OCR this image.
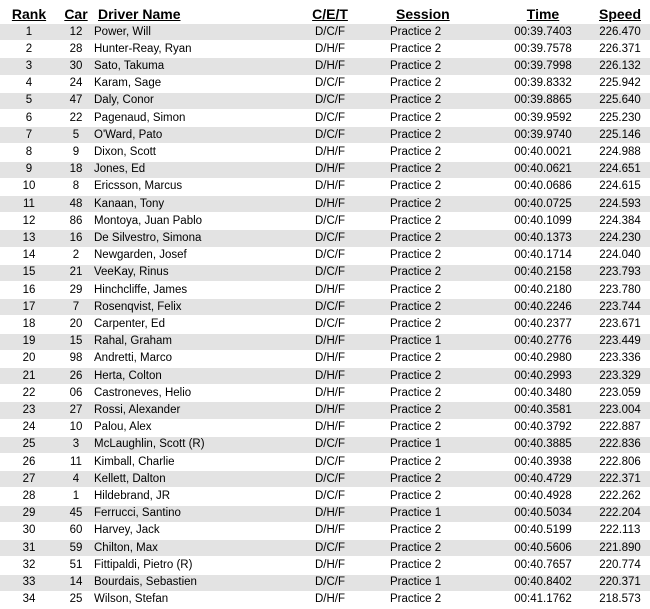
Rank	Car	Driver Name	C/E/T	Session	Time	Speed
1	12	Power, Will	D/C/F	Practice 2	00:39.7403	226.470
2	28	Hunter-Reay, Ryan	D/H/F	Practice 2	00:39.7578	226.371
3	30	Sato, Takuma	D/H/F	Practice 2	00:39.7998	226.132
4	24	Karam, Sage	D/C/F	Practice 2	00:39.8332	225.942
5	47	Daly, Conor	D/C/F	Practice 2	00:39.8865	225.640
6	22	Pagenaud, Simon	D/C/F	Practice 2	00:39.9592	225.230
7	5	O'Ward, Pato	D/C/F	Practice 2	00:39.9740	225.146
8	9	Dixon, Scott	D/H/F	Practice 2	00:40.0021	224.988
9	18	Jones, Ed	D/H/F	Practice 2	00:40.0621	224.651
10	8	Ericsson, Marcus	D/H/F	Practice 2	00:40.0686	224.615
11	48	Kanaan, Tony	D/H/F	Practice 2	00:40.0725	224.593
12	86	Montoya, Juan Pablo	D/C/F	Practice 2	00:40.1099	224.384
13	16	De Silvestro, Simona	D/C/F	Practice 2	00:40.1373	224.230
14	2	Newgarden, Josef	D/C/F	Practice 2	00:40.1714	224.040
15	21	VeeKay, Rinus	D/C/F	Practice 2	00:40.2158	223.793
16	29	Hinchcliffe, James	D/H/F	Practice 2	00:40.2180	223.780
17	7	Rosenqvist, Felix	D/C/F	Practice 2	00:40.2246	223.744
18	20	Carpenter, Ed	D/C/F	Practice 2	00:40.2377	223.671
19	15	Rahal, Graham	D/H/F	Practice 1	00:40.2776	223.449
20	98	Andretti, Marco	D/H/F	Practice 2	00:40.2980	223.336
21	26	Herta, Colton	D/H/F	Practice 2	00:40.2993	223.329
22	06	Castroneves, Helio	D/H/F	Practice 2	00:40.3480	223.059
23	27	Rossi, Alexander	D/H/F	Practice 2	00:40.3581	223.004
24	10	Palou, Alex	D/H/F	Practice 2	00:40.3792	222.887
25	3	McLaughlin, Scott (R)	D/C/F	Practice 1	00:40.3885	222.836
26	11	Kimball, Charlie	D/C/F	Practice 2	00:40.3938	222.806
27	4	Kellett, Dalton	D/C/F	Practice 2	00:40.4729	222.371
28	1	Hildebrand, JR	D/C/F	Practice 2	00:40.4928	222.262
29	45	Ferrucci, Santino	D/H/F	Practice 1	00:40.5034	222.204
30	60	Harvey, Jack	D/H/F	Practice 2	00:40.5199	222.113
31	59	Chilton, Max	D/C/F	Practice 2	00:40.5606	221.890
32	51	Fittipaldi, Pietro (R)	D/H/F	Practice 2	00:40.7657	220.774
33	14	Bourdais, Sebastien	D/C/F	Practice 1	00:40.8402	220.371
34	25	Wilson, Stefan	D/H/F	Practice 2	00:41.1762	218.573
